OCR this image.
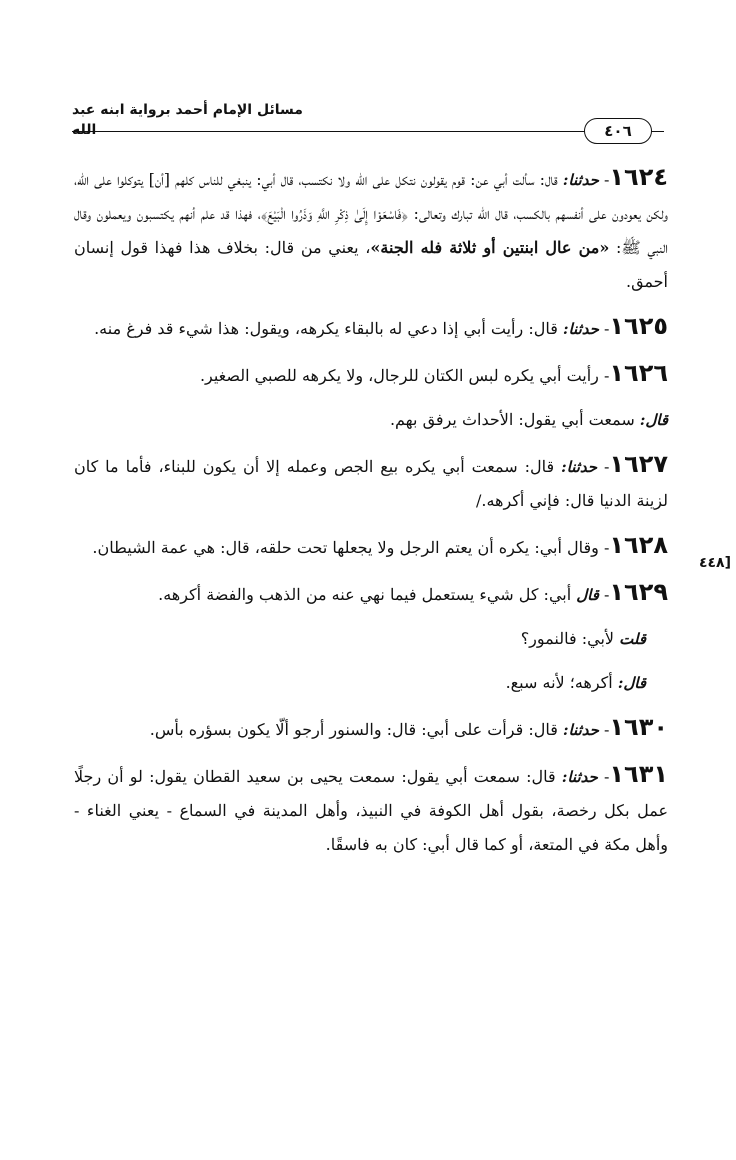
مسائل الإمام أحمد برواية ابنه عبد الله	٤٠٦
[٤٤٨

١٦٢٤- حدثنا: قال: سألت أبي عن: قوم يقولون نتكل على الله ولا نكتسب، قال أبي: ينبغي للناس كلهم [أن] يتوكلوا على الله، ولكن يعودون على أنفسهم بالكسب، قال الله تبارك وتعالى: ﴿فَاسْعَوْا إِلَىٰ ذِكْرِ اللَّهِ وَذَرُوا الْبَيْعَ﴾، فهذا قد علم أنهم يكتسبون ويعملون وقال النبي ﷺ: «من عال ابنتين أو ثلاثة فله الجنة»، يعني من قال: بخلاف هذا فهذا قول إنسان أحمق.

١٦٢٥- حدثنا: قال: رأيت أبي إذا دعي له بالبقاء يكرهه، ويقول: هذا شيء قد فرغ منه.

١٦٢٦- رأيت أبي يكره لبس الكتان للرجال، ولا يكرهه للصبي الصغير.

قال: سمعت أبي يقول: الأحداث يرفق بهم.

١٦٢٧- حدثنا: قال: سمعت أبي يكره بيع الجص وعمله إلا أن يكون للبناء، فأما ما كان لزينة الدنيا قال: فإني أكرهه./

١٦٢٨- وقال أبي: يكره أن يعتم الرجل ولا يجعلها تحت حلقه، قال: هي عمة الشيطان.

١٦٢٩- قال أبي: كل شيء يستعمل فيما نهي عنه من الذهب والفضة أكرهه.

قلت لأبي: فالنمور؟

قال: أكرهه؛ لأنه سبع.

١٦٣٠- حدثنا: قال: قرأت على أبي: قال: والسنور أرجو ألّا يكون بسؤره بأس.

١٦٣١- حدثنا: قال: سمعت أبي يقول: سمعت يحيى بن سعيد القطان يقول: لو أن رجلًا عمل بكل رخصة، بقول أهل الكوفة في النبيذ، وأهل المدينة في السماع - يعني الغناء - وأهل مكة في المتعة، أو كما قال أبي: كان به فاسقًا.
